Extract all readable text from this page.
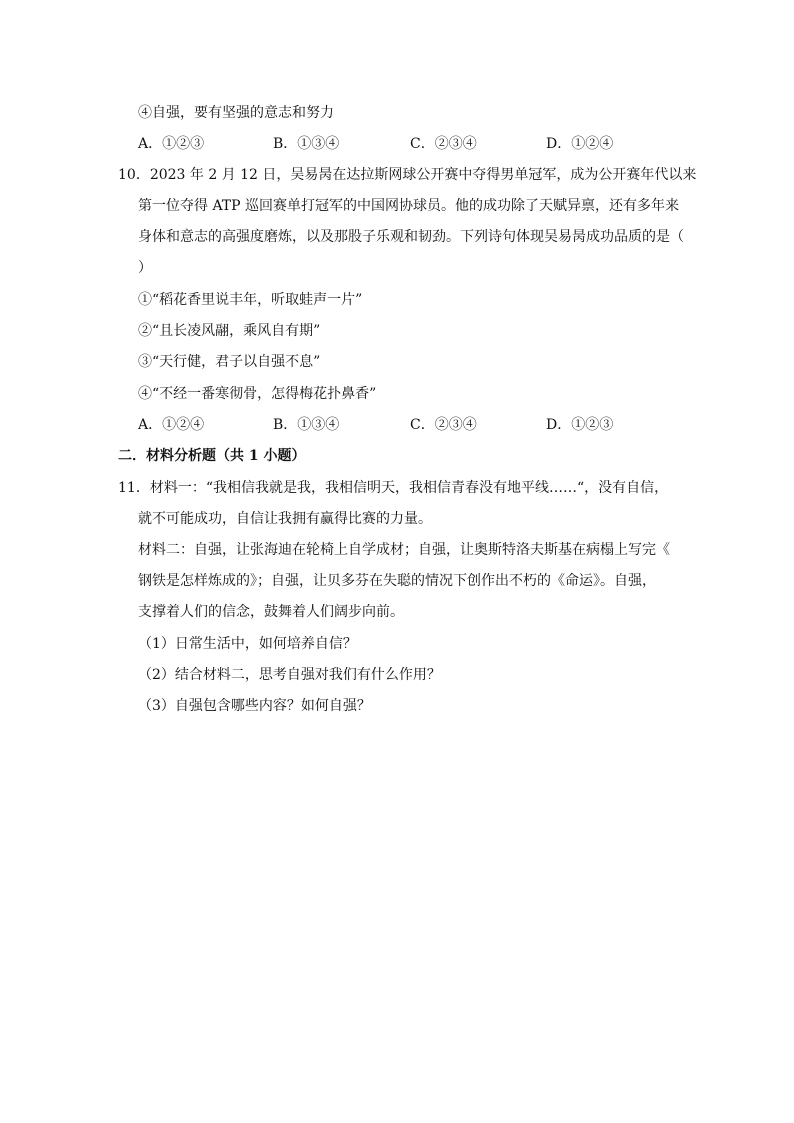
④自强，要有坚强的意志和努力
A．①②③	B．①③④	C．②③④	D．①②④
10．2023 年 2 月 12 日，吴易昺在达拉斯网球公开赛中夺得男单冠军，成为公开赛年代以来
第一位夺得 ATP 巡回赛单打冠军的中国网协球员。他的成功除了天赋异禀，还有多年来
身体和意志的高强度磨炼，以及那股子乐观和韧劲。下列诗句体现吴易昺成功品质的是（
）
①“稻花香里说丰年，听取蛙声一片”
②“且长凌风翮，乘风自有期”
③“天行健，君子以自强不息”
④“不经一番寒彻骨，怎得梅花扑鼻香”
A．①②④	B．①③④	C．②③④	D．①②③
二．材料分析题（共 1 小题）
11．材料一：“我相信我就是我，我相信明天，我相信青春没有地平线……“，没有自信，
就不可能成功，自信让我拥有赢得比赛的力量。
材料二：自强，让张海迪在轮椅上自学成材；自强，让奥斯特洛夫斯基在病榻上写完《
钢铁是怎样炼成的》；自强，让贝多芬在失聪的情况下创作出不朽的《命运》。自强，
支撑着人们的信念，鼓舞着人们阔步向前。
（1）日常生活中，如何培养自信？
（2）结合材料二，思考自强对我们有什么作用？
（3）自强包含哪些内容？如何自强？
